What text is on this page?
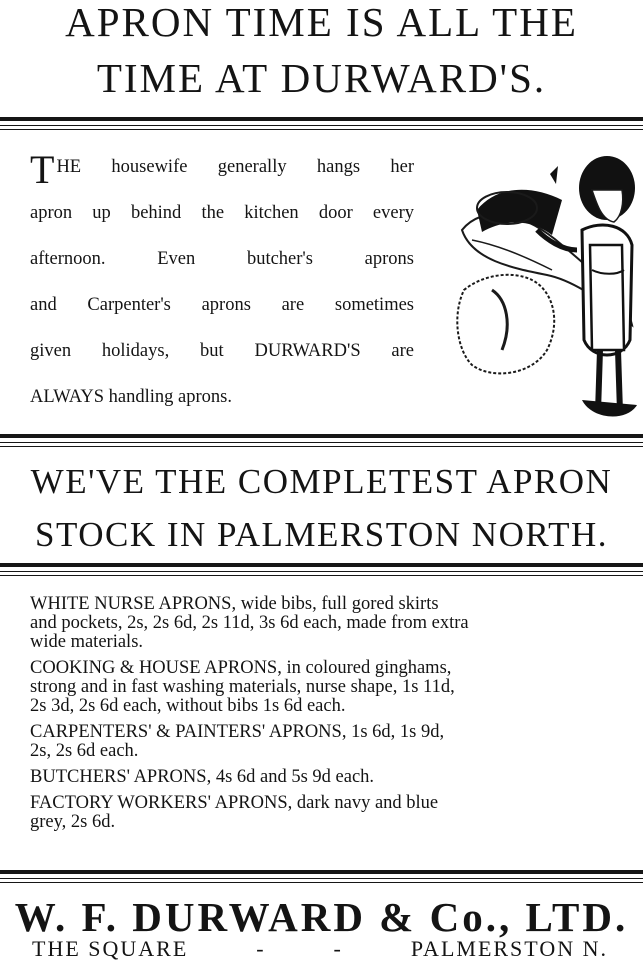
APRON TIME IS ALL THE
TIME AT DURWARD'S.
THE housewife generally hangs her
apron up behind the kitchen door every
afternoon. Even butcher's aprons
and Carpenter's aprons are sometimes
given holidays, but DURWARD'S are
ALWAYS handling aprons.
WE'VE THE COMPLETEST APRON
STOCK IN PALMERSTON NORTH.
WHITE NURSE APRONS, wide bibs, full gored skirts
and pockets, 2s, 2s 6d, 2s 11d, 3s 6d each, made from extra
wide materials.
COOKING & HOUSE APRONS, in coloured ginghams,
strong and in fast washing materials, nurse shape, 1s 11d,
2s 3d, 2s 6d each, without bibs 1s 6d each.
CARPENTERS' & PAINTERS' APRONS, 1s 6d, 1s 9d,
2s, 2s 6d each.
BUTCHERS' APRONS, 4s 6d and 5s 9d each.
FACTORY WORKERS' APRONS, dark navy and blue
grey, 2s 6d.
W. F. DURWARD & Co., LTD.
THE SQUARE	-	-	PALMERSTON N.
